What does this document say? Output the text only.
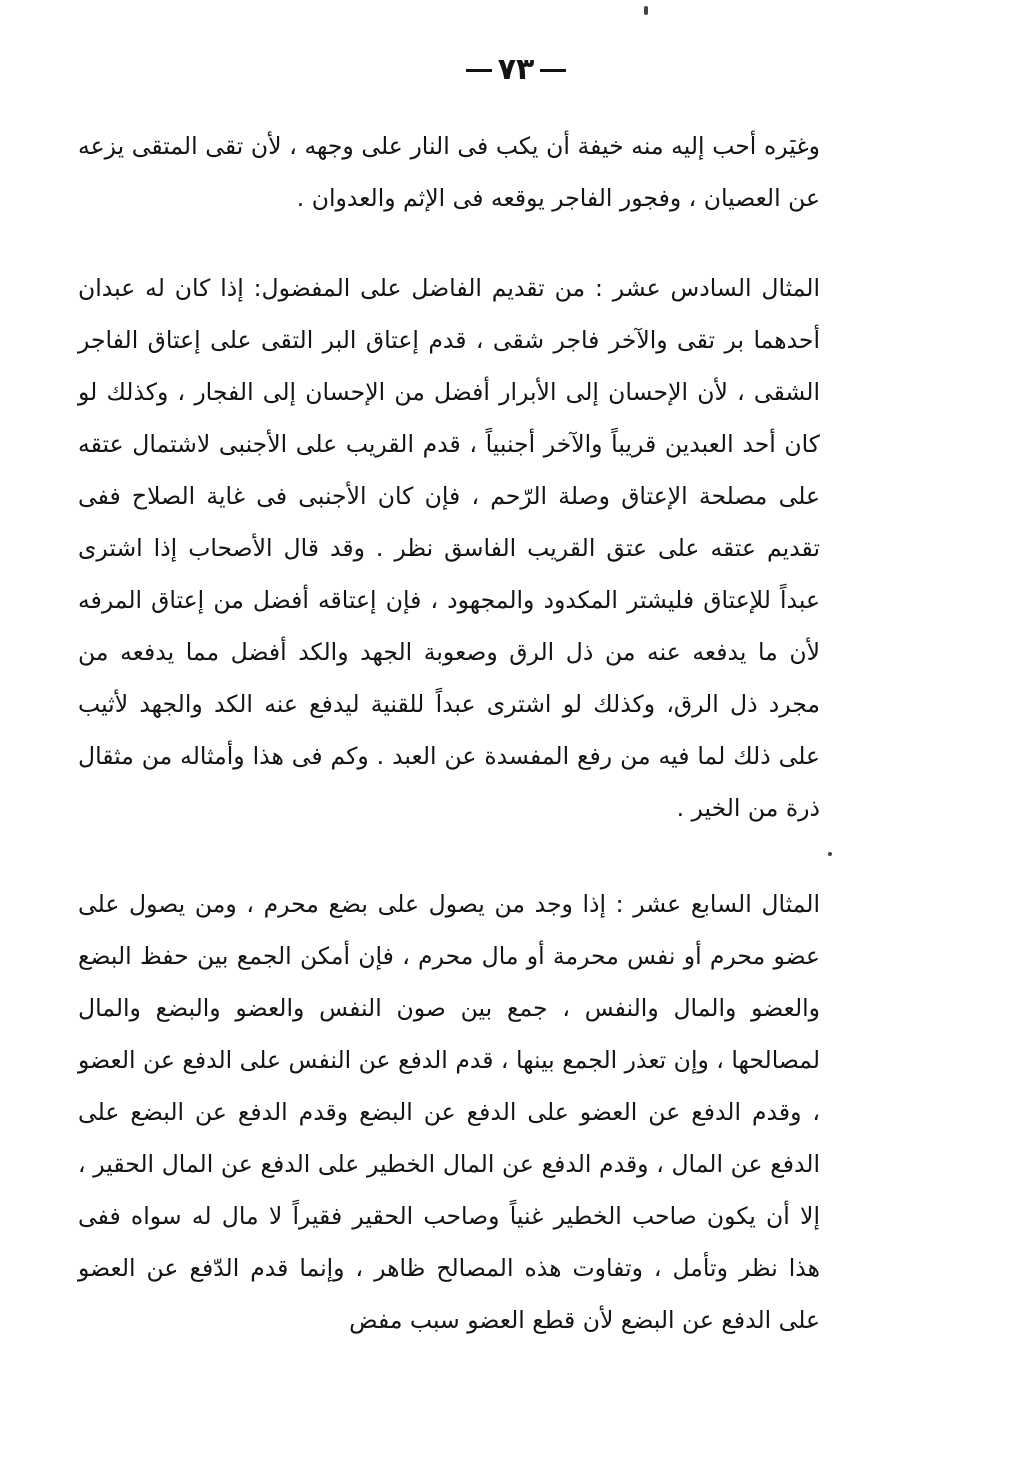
٧٣

وغيره أحب إليه منه خيفة أن يكب فى النار على وجهه ، لأن تقى المتقى يزعه عن العصيان ، وفجور الفاجر يوقعه فى الإثم والعدوان .

المثال السادس عشر : من تقديم الفاضل على المفضول: إذا كان له عبدان أحدهما بر تقى والآخر فاجر شقى ، قدم إعتاق البر التقى على إعتاق الفاجر الشقى ، لأن الإحسان إلى الأبرار أفضل من الإحسان إلى الفجار ، وكذلك لو كان أحد العبدين قريباً والآخر أجنبياً ، قدم القريب على الأجنبى لاشتمال عتقه على مصلحة الإعتاق وصلة الرّحم ، فإن كان الأجنبى فى غاية الصلاح ففى تقديم عتقه على عتق القريب الفاسق نظر . وقد قال الأصحاب إذا اشترى عبداً للإعتاق فليشتر المكدود والمجهود ، فإن إعتاقه أفضل من إعتاق المرفه لأن ما يدفعه عنه من ذل الرق وصعوبة الجهد والكد أفضل مما يدفعه من مجرد ذل الرق، وكذلك لو اشترى عبداً للقنية ليدفع عنه الكد والجهد لأثيب على ذلك لما فيه من رفع المفسدة عن العبد . وكم فى هذا وأمثاله من مثقال ذرة من الخير .

المثال السابع عشر : إذا وجد من يصول على بضع محرم ، ومن يصول على عضو محرم أو نفس محرمة أو مال محرم ، فإن أمكن الجمع بين حفظ البضع والعضو والمال والنفس ، جمع بين صون النفس والعضو والبضع والمال لمصالحها ، وإن تعذر الجمع بينها ، قدم الدفع عن النفس على الدفع عن العضو ، وقدم الدفع عن العضو على الدفع عن البضع وقدم الدفع عن البضع على الدفع عن المال ، وقدم الدفع عن المال الخطير على الدفع عن المال الحقير ، إلا أن يكون صاحب الخطير غنياً وصاحب الحقير فقيراً لا مال له سواه ففى هذا نظر وتأمل ، وتفاوت هذه المصالح ظاهر ، وإنما قدم الدّفع عن العضو على الدفع عن البضع لأن قطع العضو سبب مفض
